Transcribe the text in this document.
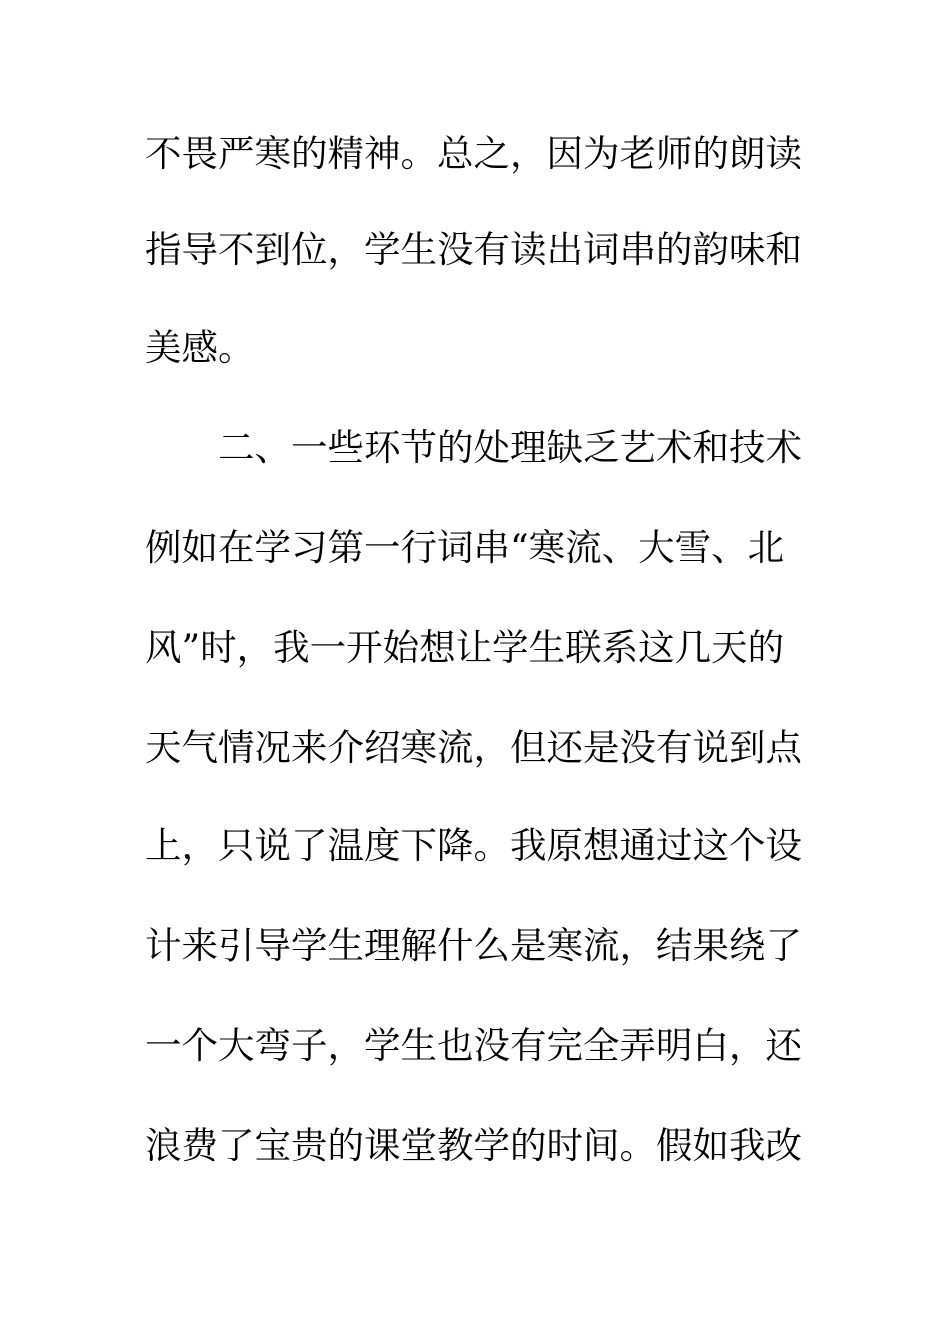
不畏严寒的精神。总之，因为老师的朗读
指导不到位，学生没有读出词串的韵味和
美感。
二、一些环节的处理缺乏艺术和技术
例如在学习第一行词串“寒流、大雪、北
风”时，我一开始想让学生联系这几天的
天气情况来介绍寒流，但还是没有说到点
上，只说了温度下降。我原想通过这个设
计来引导学生理解什么是寒流，结果绕了
一个大弯子，学生也没有完全弄明白，还
浪费了宝贵的课堂教学的时间。假如我改
